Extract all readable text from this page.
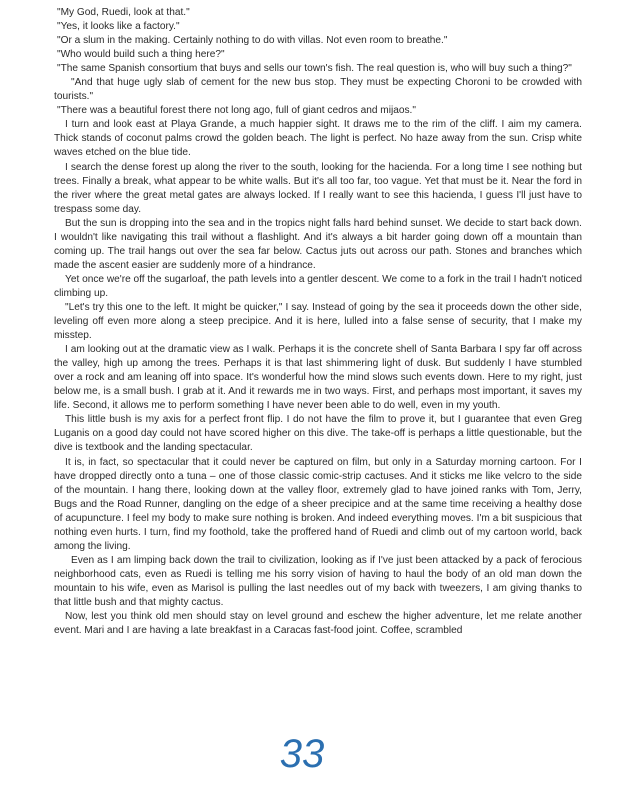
"My God, Ruedi, look at that."

"Yes, it looks like a factory."

"Or a slum in the making. Certainly nothing to do with villas. Not even room to breathe."

"Who would build such a thing here?"

"The same Spanish consortium that buys and sells our town's fish. The real question is, who will buy such a thing?"

"And that huge ugly slab of cement for the new bus stop. They must be expecting Choroni to be crowded with tourists."

"There was a beautiful forest there not long ago, full of giant cedros and mijaos."

I turn and look east at Playa Grande, a much happier sight. It draws me to the rim of the cliff. I aim my camera. Thick stands of coconut palms crowd the golden beach. The light is perfect. No haze away from the sun. Crisp white waves etched on the blue tide.

I search the dense forest up along the river to the south, looking for the hacienda. For a long time I see nothing but trees. Finally a break, what appear to be white walls. But it's all too far, too vague. Yet that must be it. Near the ford in the river where the great metal gates are always locked. If I really want to see this hacienda, I guess I'll just have to trespass some day.

But the sun is dropping into the sea and in the tropics night falls hard behind sunset. We decide to start back down. I wouldn't like navigating this trail without a flashlight. And it's always a bit harder going down off a mountain than coming up. The trail hangs out over the sea far below. Cactus juts out across our path. Stones and branches which made the ascent easier are suddenly more of a hindrance.

Yet once we're off the sugarloaf, the path levels into a gentler descent. We come to a fork in the trail I hadn't noticed climbing up.

"Let's try this one to the left. It might be quicker," I say. Instead of going by the sea it proceeds down the other side, leveling off even more along a steep precipice. And it is here, lulled into a false sense of security, that I make my misstep.

I am looking out at the dramatic view as I walk. Perhaps it is the concrete shell of Santa Barbara I spy far off across the valley, high up among the trees. Perhaps it is that last shimmering light of dusk. But suddenly I have stumbled over a rock and am leaning off into space. It's wonderful how the mind slows such events down. Here to my right, just below me, is a small bush. I grab at it. And it rewards me in two ways. First, and perhaps most important, it saves my life. Second, it allows me to perform something I have never been able to do well, even in my youth.

This little bush is my axis for a perfect front flip. I do not have the film to prove it, but I guarantee that even Greg Luganis on a good day could not have scored higher on this dive. The take-off is perhaps a little questionable, but the dive is textbook and the landing spectacular.

It is, in fact, so spectacular that it could never be captured on film, but only in a Saturday morning cartoon. For I have dropped directly onto a tuna – one of those classic comic-strip cactuses. And it sticks me like velcro to the side of the mountain. I hang there, looking down at the valley floor, extremely glad to have joined ranks with Tom, Jerry, Bugs and the Road Runner, dangling on the edge of a sheer precipice and at the same time receiving a healthy dose of acupuncture. I feel my body to make sure nothing is broken. And indeed everything moves. I'm a bit suspicious that nothing even hurts. I turn, find my foothold, take the proffered hand of Ruedi and climb out of my cartoon world, back among the living.

Even as I am limping back down the trail to civilization, looking as if I've just been attacked by a pack of ferocious neighborhood cats, even as Ruedi is telling me his sorry vision of having to haul the body of an old man down the mountain to his wife, even as Marisol is pulling the last needles out of my back with tweezers, I am giving thanks to that little bush and that mighty cactus.

Now, lest you think old men should stay on level ground and eschew the higher adventure, let me relate another event. Mari and I are having a late breakfast in a Caracas fast-food joint. Coffee, scrambled

33
